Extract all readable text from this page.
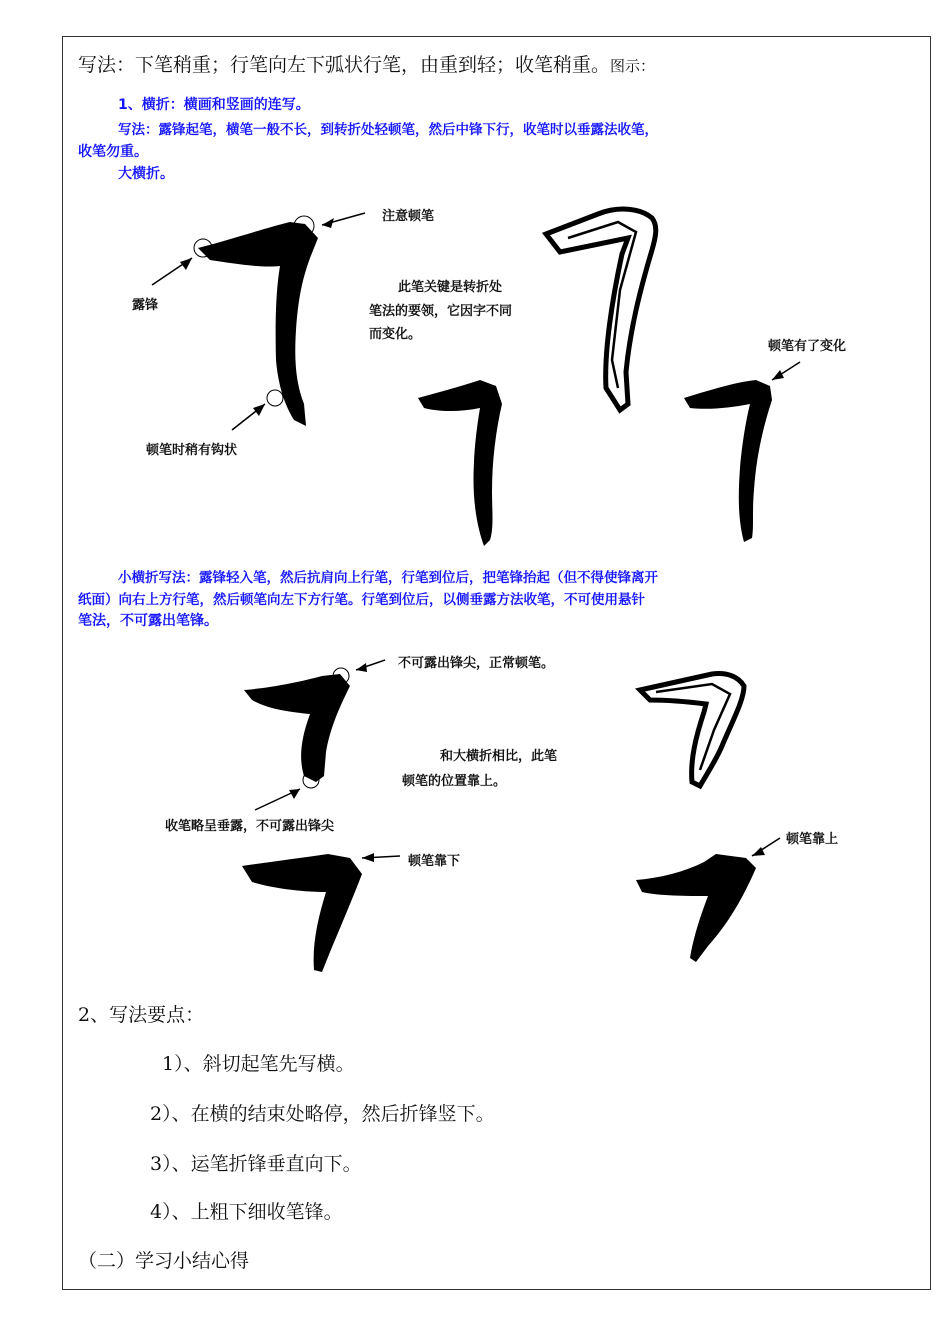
写法：下笔稍重；行笔向左下弧状行笔，由重到轻；收笔稍重。图示：
1、横折：横画和竖画的连写。
写法：露锋起笔，横笔一般不长，到转折处轻顿笔，然后中锋下行，收笔时以垂露法收笔，
收笔勿重。
大横折。
注意顿笔
露锋
顿笔时稍有钩状
此笔关键是转折处
笔法的要领，它因字不同
而变化。
顿笔有了变化
小横折写法：露锋轻入笔，然后抗肩向上行笔，行笔到位后，把笔锋抬起（但不得使锋离开
纸面）向右上方行笔，然后顿笔向左下方行笔。行笔到位后，以侧垂露方法收笔，不可使用悬针
笔法，不可露出笔锋。
不可露出锋尖，正常顿笔。
和大横折相比，此笔
顿笔的位置靠上。
收笔略呈垂露，不可露出锋尖
顿笔靠下
顿笔靠上
2、写法要点：
1）、斜切起笔先写横。
2）、在横的结束处略停，然后折锋竖下。
3）、运笔折锋垂直向下。
4）、上粗下细收笔锋。
（二）学习小结心得
